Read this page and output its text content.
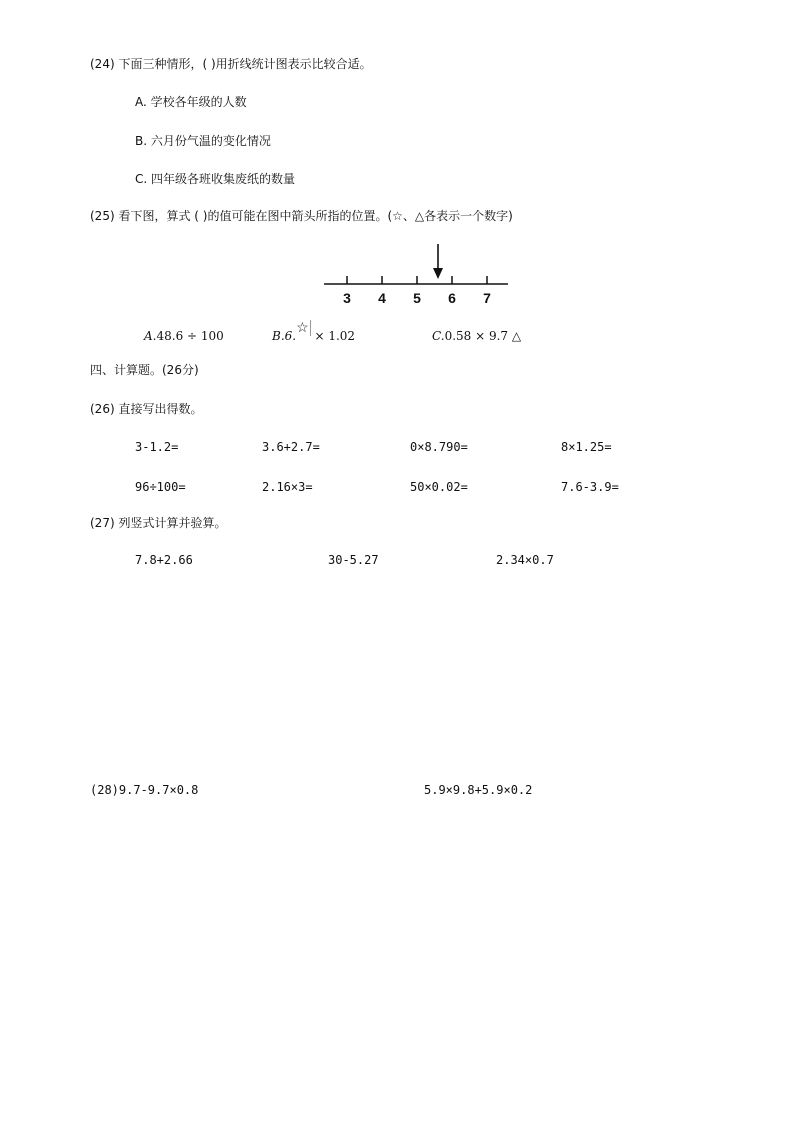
(24) 下面三种情形，( )用折线统计图表示比较合适。
A. 学校各年级的人数
B. 六月份气温的变化情况
C. 四年级各班收集废纸的数量
(25) 看下图，算式 ( )的值可能在图中箭头所指的位置。(☆、△各表示一个数字)
3 4 5 6 7
A.48.6 ÷ 100	B.6.☆ × 1.02	C.0.58 × 9.7 △
四、计算题。(26分)
(26) 直接写出得数。
3-1.2=	3.6+2.7=	0×8.790=	8×1.25=
96÷100=	2.16×3=	50×0.02=	7.6-3.9=
(27) 列竖式计算并验算。
7.8+2.66	30-5.27	2.34×0.7
(28)9.7-9.7×0.8	5.9×9.8+5.9×0.2
